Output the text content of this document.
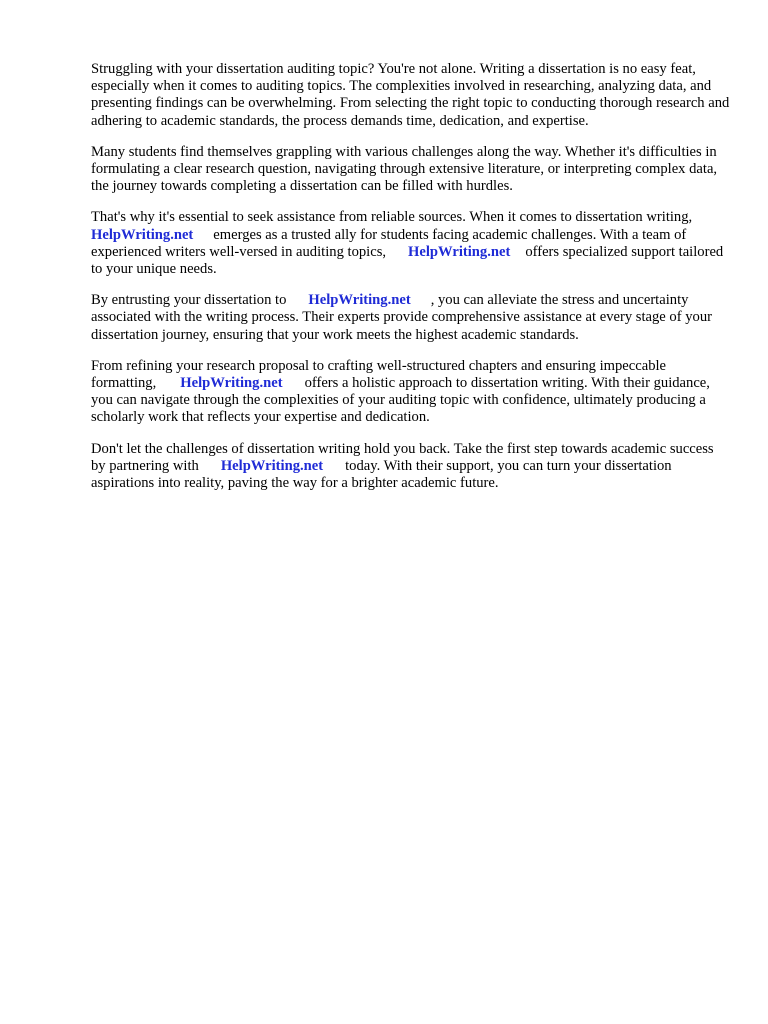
Struggling with your dissertation auditing topic? You're not alone. Writing a dissertation is no easy feat, especially when it comes to auditing topics. The complexities involved in researching, analyzing data, and presenting findings can be overwhelming. From selecting the right topic to conducting thorough research and adhering to academic standards, the process demands time, dedication, and expertise.

Many students find themselves grappling with various challenges along the way. Whether it's difficulties in formulating a clear research question, navigating through extensive literature, or interpreting complex data, the journey towards completing a dissertation can be filled with hurdles.

That's why it's essential to seek assistance from reliable sources. When it comes to dissertation writing,HelpWriting.net emerges as a trusted ally for students facing academic challenges. With a team of experienced writers well-versed in auditing topics, HelpWriting.net offers specialized support tailored to your unique needs.

By entrusting your dissertation to HelpWriting.net , you can alleviate the stress and uncertainty associated with the writing process. Their experts provide comprehensive assistance at every stage of your dissertation journey, ensuring that your work meets the highest academic standards.

From refining your research proposal to crafting well-structured chapters and ensuring impeccable formatting, HelpWriting.net offers a holistic approach to dissertation writing. With their guidance, you can navigate through the complexities of your auditing topic with confidence, ultimately producing a scholarly work that reflects your expertise and dedication.

Don't let the challenges of dissertation writing hold you back. Take the first step towards academic success by partnering with HelpWriting.net today. With their support, you can turn your dissertation aspirations into reality, paving the way for a brighter academic future.
